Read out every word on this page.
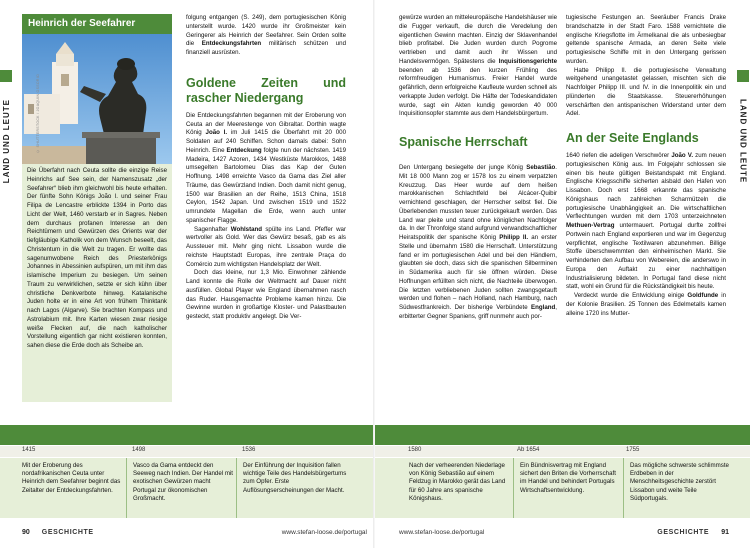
LAND UND LEUTE
Heinrich der Seefahrer
© SHUTTERSTOCK / JOAQUIN OSSORIO
Die Überfahrt nach Ceuta sollte die einzige Reise Heinrichs auf See sein, der Namenszusatz „der Seefahrer“ blieb ihm gleichwohl bis heute erhalten. Der fünfte Sohn Königs João I. und seiner Frau Filipa de Lencastre erblickte 1394 in Porto das Licht der Welt, 1460 verstarb er in Sagres. Neben dem durchaus profanen Interesse an den Reichtümern und Gewürzen des Orients war der tiefgläubige Katholik von dem Wunsch beseelt, das Christentum in die Welt zu tragen. Er wollte das sagenumwobene Reich des Priesterkönigs Johannes in Abessinien aufspüren, um mit ihm das islamische Imperium zu besiegen. Um seinen Traum zu verwirklichen, setzte er sich kühn über christliche Denkverbote hinweg. Katalanische Juden holte er in eine Art von frühem Thinktank nach Lagos (Algarve). Sie brachten Kompass und Astrolabium mit. Ihre Karten wiesen zwar riesige weiße Flecken auf, die nach katholischer Vorstellung eigentlich gar nicht existieren konnten, sahen diese die Erde doch als Scheibe an.

folgung entgangen (S. 249), dem portugiesischen König unterstellt wurde. 1420 wurde ihr Großmeister kein Geringerer als Heinrich der Seefahrer. Sein Orden sollte die Entdeckungsfahrten militärisch schützen und finanziell ausrüsten.

Goldene Zeiten und rascher Niedergang

Die Entdeckungsfahrten begannen mit der Eroberung von Ceuta an der Meerestenge von Gibraltar. Dorthin wagte König João I. im Juli 1415 die Überfahrt mit 20 000 Soldaten auf 240 Schiffen. Schon damals dabei: Sohn Heinrich. Eine Entdeckung folgte nun der nächsten. 1419 Madeira, 1427 Azoren, 1434 Westküste Marokkos, 1488 umsegelten Bartolomeu Dias das Kap der Guten Hoffnung. 1498 erreichte Vasco da Gama das Ziel aller Träume, das Gewürzland Indien. Doch damit nicht genug, 1500 war Brasilien an der Reihe, 1513 China, 1518 Ceylon, 1542 Japan. Und zwischen 1519 und 1522 umrundete Magellan die Erde, wenn auch unter spanischer Flagge.

Sagenhafter Wohlstand spülte ins Land. Pfeffer war wertvoller als Gold. Wer das Gewürz besaß, gab es als Aussteuer mit. Mehr ging nicht. Lissabon wurde die reichste Hauptstadt Europas, ihre zentrale Praça do Comércio zum wichtigsten Handelsplatz der Welt.

Doch das kleine, nur 1,3 Mio. Einwohner zählende Land konnte die Rolle der Weltmacht auf Dauer nicht ausfüllen. Global Player wie England übernahmen rasch das Ruder. Hausgemachte Probleme kamen hinzu. Die Gewinne wurden in großartige Kloster- und Palastbauten gesteckt, statt produktiv angelegt. Die Ver-

1415	1498	1536
Mit der Eroberung des nordafrikanischen Ceuta unter Heinrich dem Seefahrer beginnt das Zeitalter der Entdeckungsfahrten.
Vasco da Gama entdeckt den Seeweg nach Indien. Der Handel mit exotischen Gewürzen macht Portugal zur ökonomischen Großmacht.
Der Einführung der Inquisition fallen wichtige Teile des Handelsbürgertums zum Opfer. Erste Auflösungserscheinungen der Macht.
90 GESCHICHTE	www.stefan-loose.de/portugal

gewürze wurden an mitteleuropäische Handelshäuser wie die Fugger verkauft, die durch die Veredelung den eigentlichen Gewinn machten. Einzig der Sklavenhandel blieb profitabel. Die Juden wurden durch Pogrome vertrieben und damit auch ihr Wissen und Handelsvermögen. Spätestens die Inquisitionsgerichte beenden ab 1536 den kurzen Frühling des reformfreudigen Humanismus. Freier Handel wurde gefährlich, denn erfolgreiche Kaufleute wurden schnell als verkappte Juden verfolgt. Die Häfte der Todeskandidaten wurde, sagt ein Akten kundig geworden 40 000 Inquisitionsopfer stammte aus dem Handelsbürgertum.

Spanische Herrschaft

Den Untergang besiegelte der junge König Sebastião. Mit 18 000 Mann zog er 1578 los zu einem verpatzten Kreuzzug. Das Heer wurde auf dem heißen marokkanischen Schlachtfeld bei Alcácer-Quibir vernichtend geschlagen, der Herrscher selbst fiel. Die Überlebenden mussten teuer zurückgekauft werden. Das Land war pleite und stand ohne königlichen Nachfolger da. In der Thronfolge stand aufgrund verwandtschaftlicher Heiratspolitik der spanische König Philipp II. an erster Stelle und übernahm 1580 die Herrschaft. Unterstützung fand er im portugiesischen Adel und bei den Händlern, glaubten sie doch, dass sich die spanischen Silberminen in Südamerika auch für sie öffnen würden. Diese Hoffnungen erfüllten sich nicht, die Nachteile überwogen. Die letzten verbliebenen Juden sollten zwangsgetauft werden und flohen – nach Holland, nach Hamburg, nach Südwestfrankreich. Der bisherige Verbündete England, erbitterter Gegner Spaniens, griff nunmehr auch por-

tugiesische Festungen an. Seeräuber Francis Drake brandschatzte in der Stadt Faro. 1588 vernichtete die englische Kriegsflotte im Ärmelkanal die als unbesiegbar geltende spanische Armada, an deren Seite viele portugiesische Schiffe mit in den Untergang gerissen wurden.

Hatte Philipp II. die portugiesische Verwaltung weitgehend unangetastet gelassen, mischten sich die Nachfolger Philipp III. und IV. in die Innenpolitik ein und plünderten die Staatskasse. Steuererhöhungen verschärften den antispanischen Widerstand unter dem Adel.

An der Seite Englands

1640 riefen die adeligen Verschwörer João V. zum neuen portugiesischen König aus. Im Folgejahr schlossen sie einen bis heute gültigen Beistandspakt mit England. Englische Kriegsschiffe sicherten alsbald den Hafen von Lissabon. Doch erst 1668 erkannte das spanische Königshaus nach zahlreichen Scharmützeln die portugiesische Unabhängigkeit an. Die wirtschaftlichen Verflechtungen wurden mit dem 1703 unterzeichneten Methuen-Vertrag untermauert. Portugal durfte zollfrei Portwein nach England exportieren und war im Gegenzug verpflichtet, englische Textilwaren abzunehmen. Billige Stoffe überschwemmten den einheimischen Markt. Sie verhinderten den Aufbau von Webereien, die anderswo in Europa den Auftakt zu einer nachhaltigen Industrialisierung bildeten. In Portugal fand diese nicht statt, wohl ein Grund für die Rückständigkeit bis heute.

Verdeckt wurde die Entwicklung einige Goldfunde in der Kolonie Brasilien. 25 Tonnen des Edelmetalls kamen alleine 1720 ins Mutter-

LAND UND LEUTE
1580	Ab 1654	1755
Nach der verheerenden Niederlage von König Sebastião auf einem Feldzug in Marokko gerät das Land für 60 Jahre ans spanische Königshaus.
Ein Bündnisvertrag mit England sichert den Briten die Vorherrschaft im Handel und behindert Portugals Wirtschaftsentwicklung.
Das mögliche schwerste schlimmste Erdbeben in der Menschheitsgeschichte zerstört Lissabon und weite Teile Südportugals.
www.stefan-loose.de/portugal	GESCHICHTE 91
